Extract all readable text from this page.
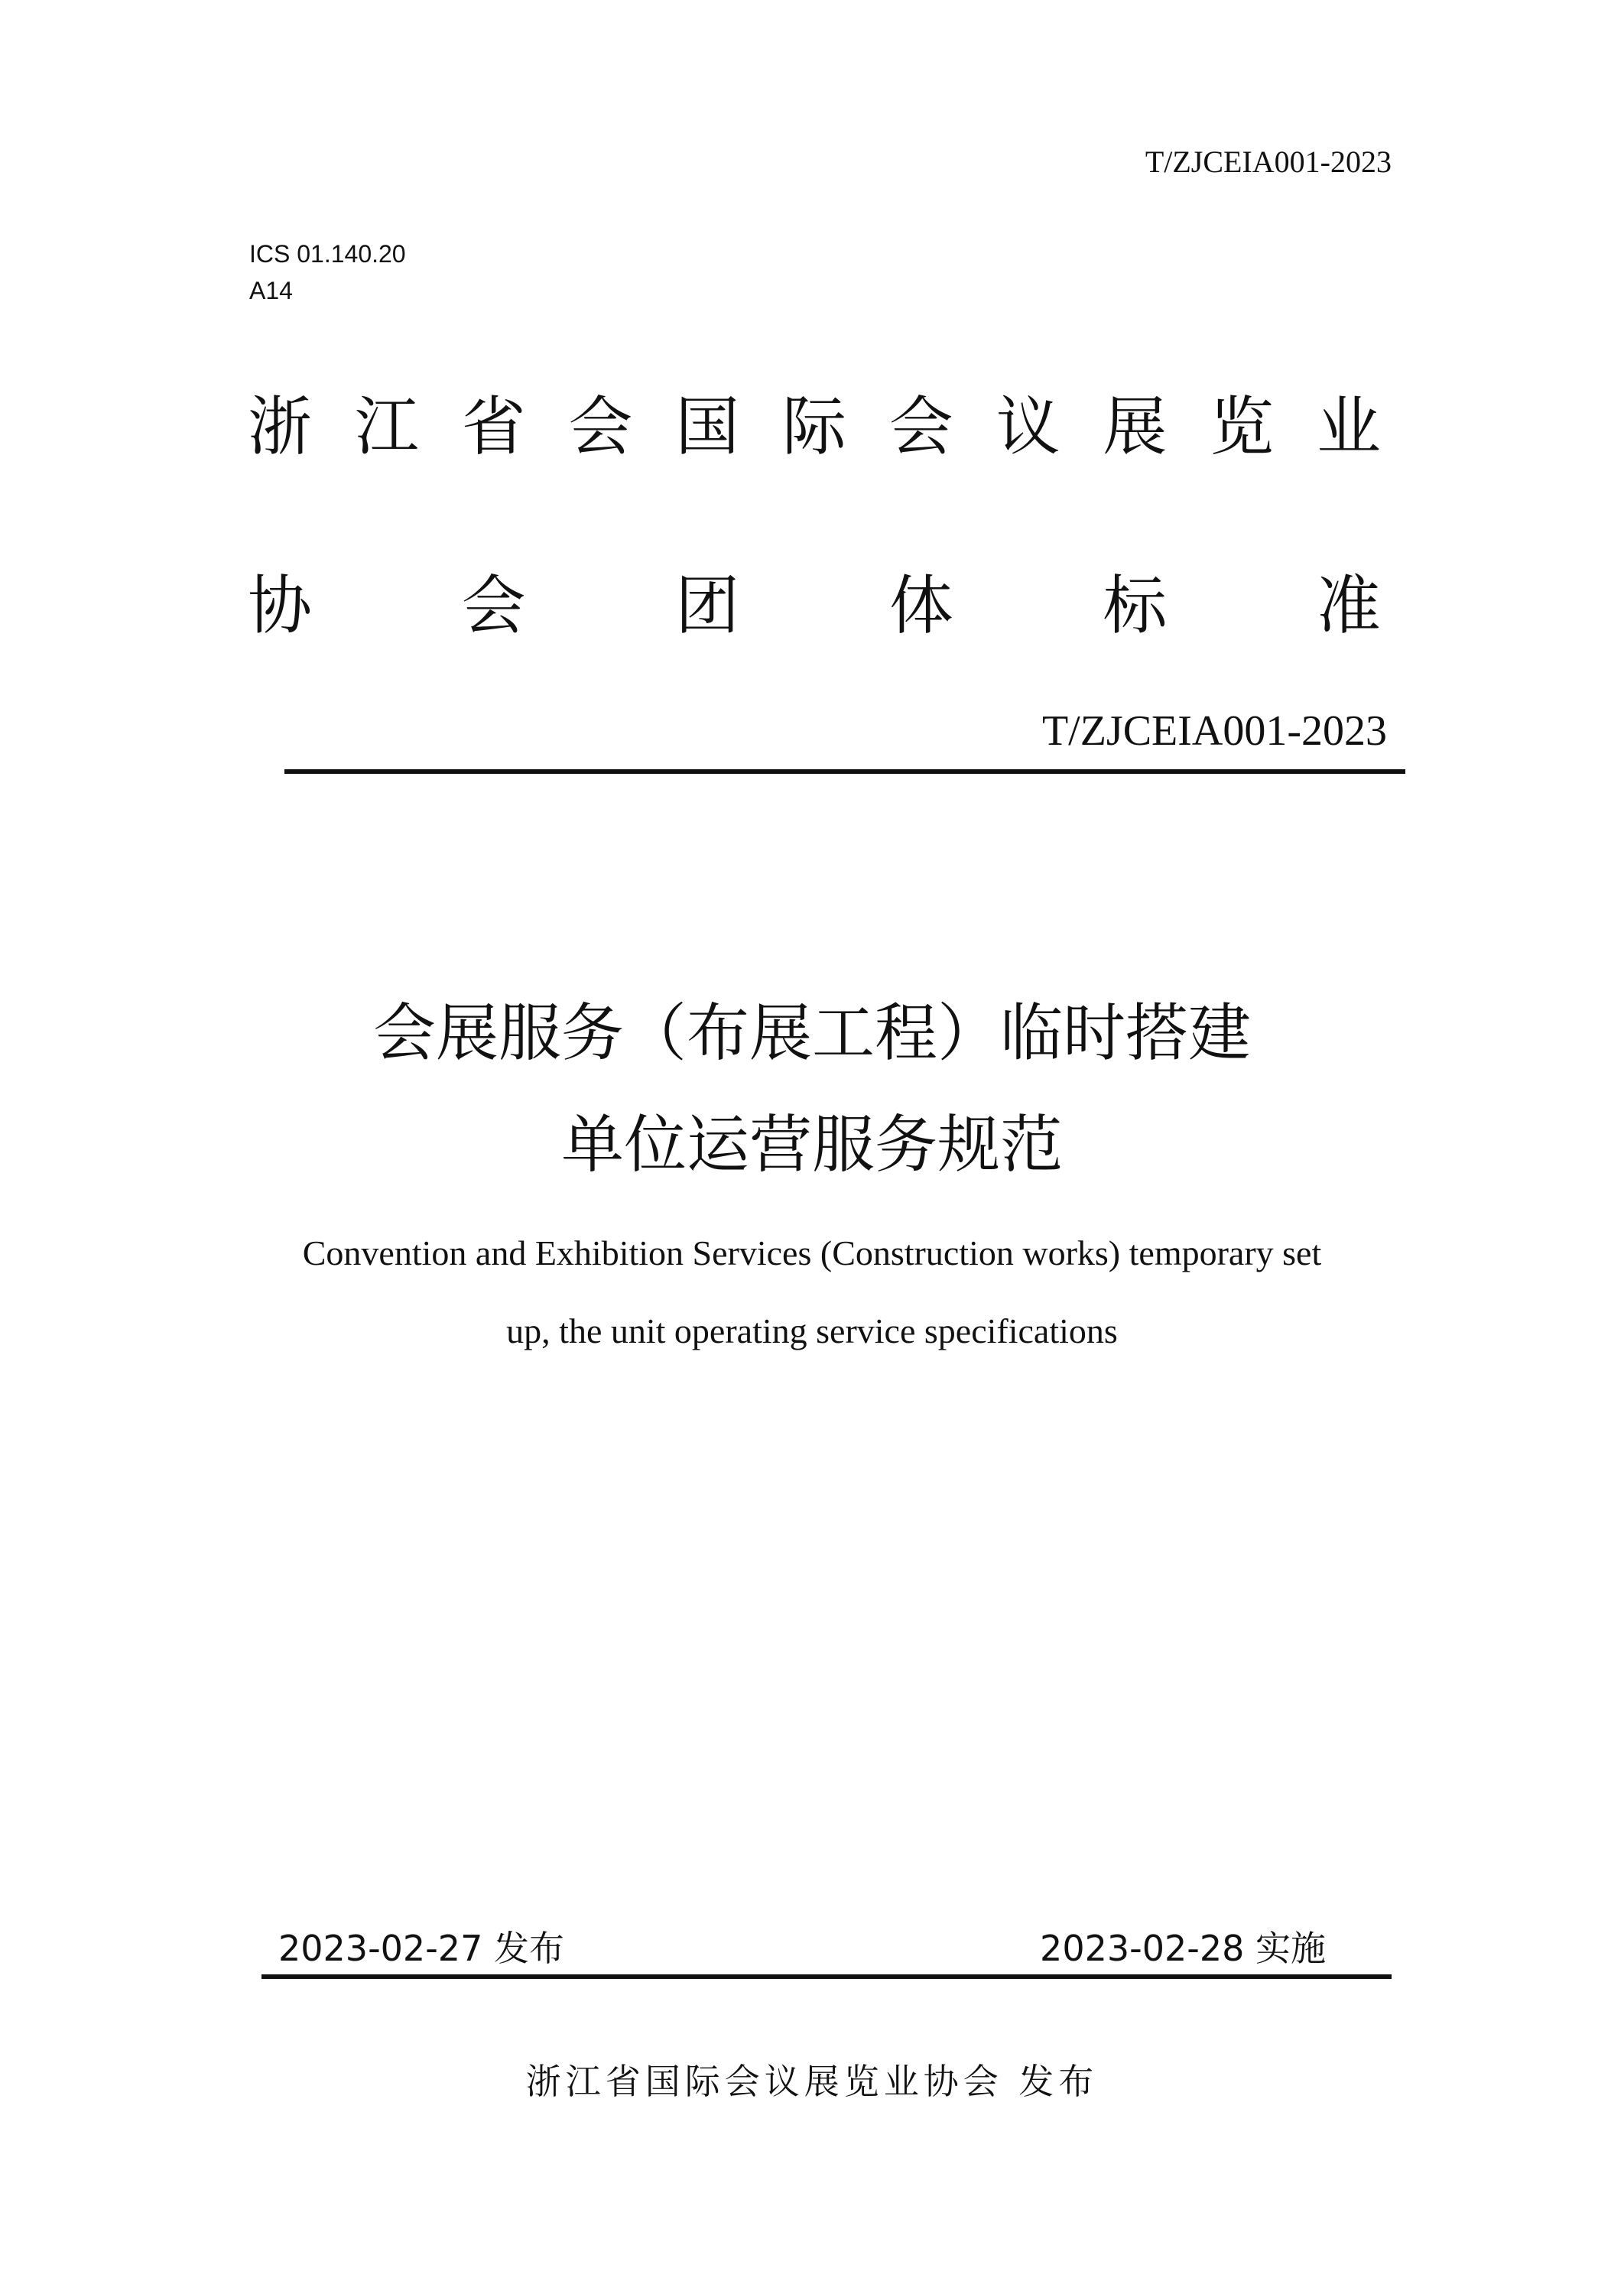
T/ZJCEIA001-2023
ICS 01.140.20
A14
浙 江 省 会 国 际 会 议 展 览 业
协 会 团 体 标 准
T/ZJCEIA001-2023
会展服务（布展工程）临时搭建
单位运营服务规范
Convention and Exhibition Services (Construction works) temporary set
up, the unit operating service specifications
2023-02-27 发布	2023-02-28 实施
浙江省国际会议展览业协会 发布
